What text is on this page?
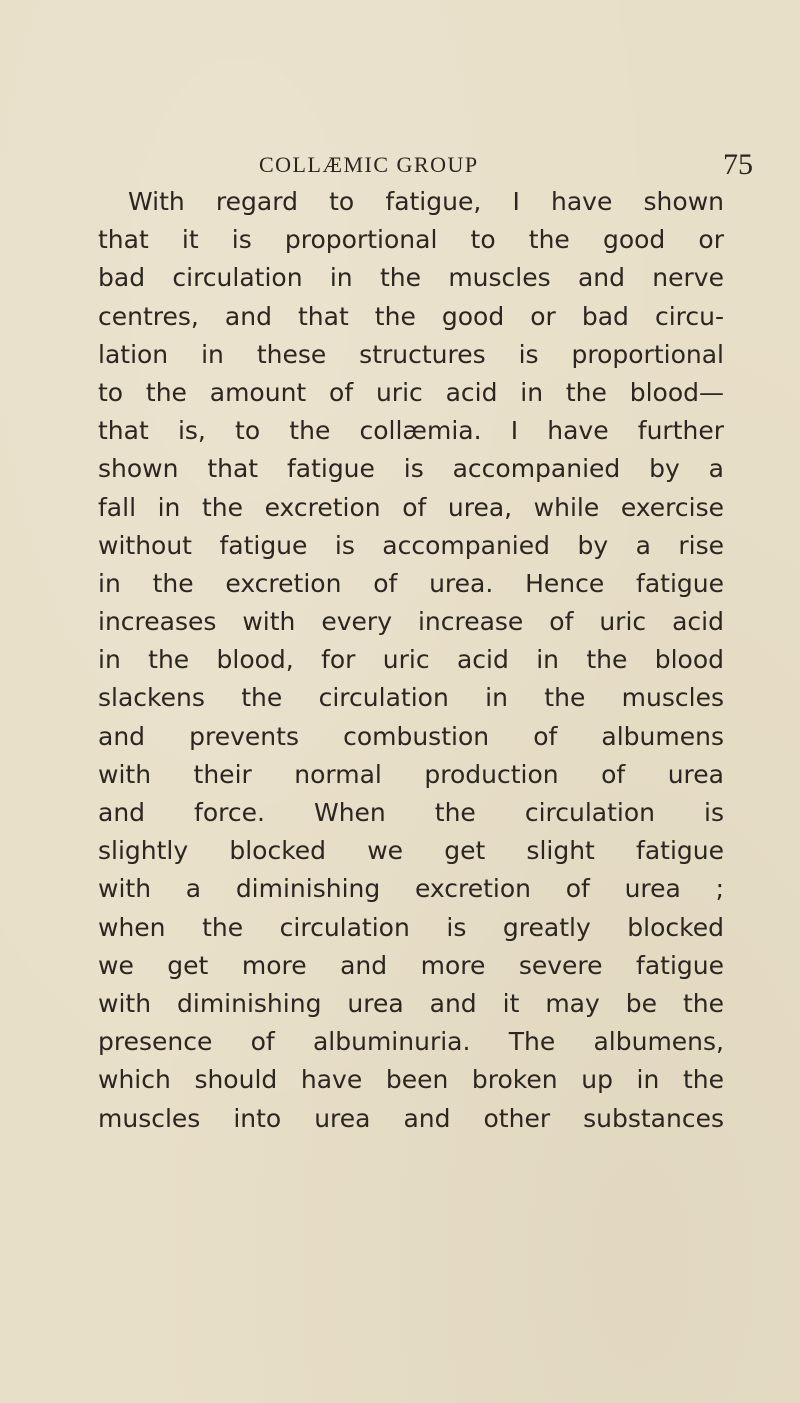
COLLÆMIC GROUP	75
With regard to fatigue, I have shown
that it is proportional to the good or
bad circulation in the muscles and nerve
centres, and that the good or bad circu-
lation in these structures is proportional
to the amount of uric acid in the blood—
that is, to the collæmia. I have further
shown that fatigue is accompanied by a
fall in the excretion of urea, while exercise
without fatigue is accompanied by a rise
in the excretion of urea. Hence fatigue
increases with every increase of uric acid
in the blood, for uric acid in the blood
slackens the circulation in the muscles
and prevents combustion of albumens
with their normal production of urea
and force. When the circulation is
slightly blocked we get slight fatigue
with a diminishing excretion of urea ;
when the circulation is greatly blocked
we get more and more severe fatigue
with diminishing urea and it may be the
presence of albuminuria. The albumens,
which should have been broken up in the
muscles into urea and other substances
